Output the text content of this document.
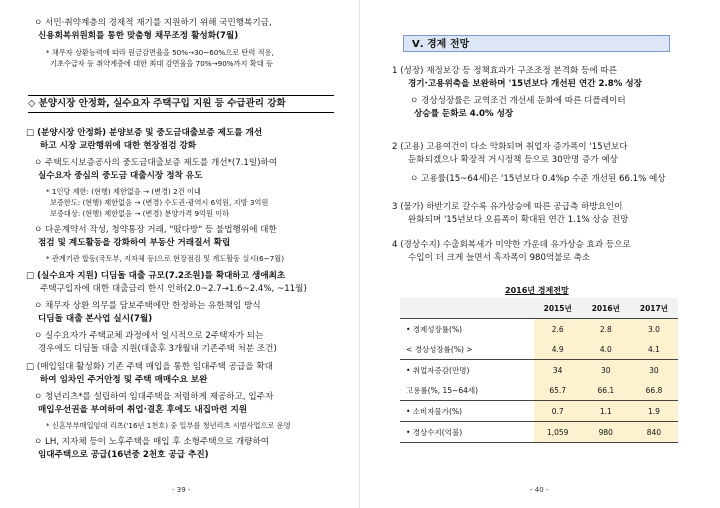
◇ 분양시장 안정화, 실수요자 주택구입 지원 등 수급관리 강화
- 39 -
Ⅴ. 경제 전망
2016년 경제전망
	2015년	2016년	2017년
• 경제성장률(%)	2.6	2.8	3.0
< 경상성장률(%) >	4.9	4.0	4.1
• 취업자증감(만명)	34	30	30
고용률(%, 15~64세)	65.7	66.1	66.8
• 소비자물가(%)	0.7	1.1	1.9
• 경상수지(억불)	1,059	980	840
- 40 -
ㅇ 서민·취약계층의 경제적 재기를 지원하기 위해 국민행복기금,
신용회복위원회를 통한 맞춤형 채무조정 활성화(7월)
* 채무자 상환능력에 따라 원금감면율을 50%→30~60%으로 탄력 적용,
기초수급자 등 취약계층에 대한 최대 감면율을 70%→90%까지 확대 등
□ (분양시장 안정화) 분양보증 및 중도금대출보증 제도를 개선
하고 시장 교란행위에 대한 현장점검 강화
ㅇ 주택도시보증공사의 중도금대출보증 제도를 개선*(7.1일)하여
실수요자 중심의 중도금 대출시장 정착 유도
* 1인당 제한: (현행) 제한없음 → (변경) 2건 이내
보증한도: (현행) 제한없음 → (변경) 수도권·광역시 6억원, 지방 3억원
보증대상: (현행) 제한없음 → (변경) 분양가격 9억원 이하
ㅇ 다운계약서 작성, 청약통장 거래, "떴다방" 등 불법행위에 대한
점검 및 계도활동을 강화하여 부동산 거래질서 확립
* 관계기관 합동(국토부, 지자체 등)으로 현장점검 및 계도활동 실시(6~7월)
□ (실수요자 지원) 디딤돌 대출 규모(7.2조원)를 확대하고 생애최초
주택구입자에 대한 대출금리 한시 인하(2.0~2.7→1.6~2.4%, ~11월)
ㅇ 채무자 상환 의무를 담보주택에만 한정하는 유한책임 방식
디딤돌 대출 본사업 실시(7월)
ㅇ 실수요자가 주택교체 과정에서 일시적으로 2주택자가 되는
경우에도 디딤돌 대출 지원(대출후 3개월내 기존주택 처분 조건)
□ (매입임대 활성화) 기존 주택 매입을 통한 임대주택 공급을 확대
하여 임차인 주거안정 및 주택 매매수요 보완
ㅇ 청년리츠*를 설립하여 임대주택을 저렴하게 제공하고, 입주자
매입우선권을 부여하여 취업·결혼 후에도 내집마련 지원
* 신혼부부매입임대 리츠('16년 1천호) 중 일부를 청년리츠 시범사업으로 운영
ㅇ LH, 지자체 등이 노후주택을 매입 후 소형주택으로 개량하여
임대주택으로 공급(16년중 2천호 공급 추진)
1 (성장) 재정보강 등 정책효과가 구조조정 본격화 등에 따른
경기·고용위축을 보완하며 '15년보다 개선된 연간 2.8% 성장
ㅇ 경상성장률은 교역조건 개선세 둔화에 따른 디플레이터
상승률 둔화로 4.0% 성장
2 (고용) 고용여건이 다소 악화되며 취업자 증가폭이 '15년보다
둔화되겠으나 확장적 거시정책 등으로 30만명 증가 예상
ㅇ 고용률(15~64세)은 '15년보다 0.4%p 수준 개선된 66.1% 예상
3 (물가) 하반기로 갈수록 유가상승에 따른 공급측 하방요인이
완화되며 '15년보다 오름폭이 확대된 연간 1.1% 상승 전망
4 (경상수지) 수출회복세가 미약한 가운데 유가상승 효과 등으로
수입이 더 크게 늘면서 흑자폭이 980억불로 축소
